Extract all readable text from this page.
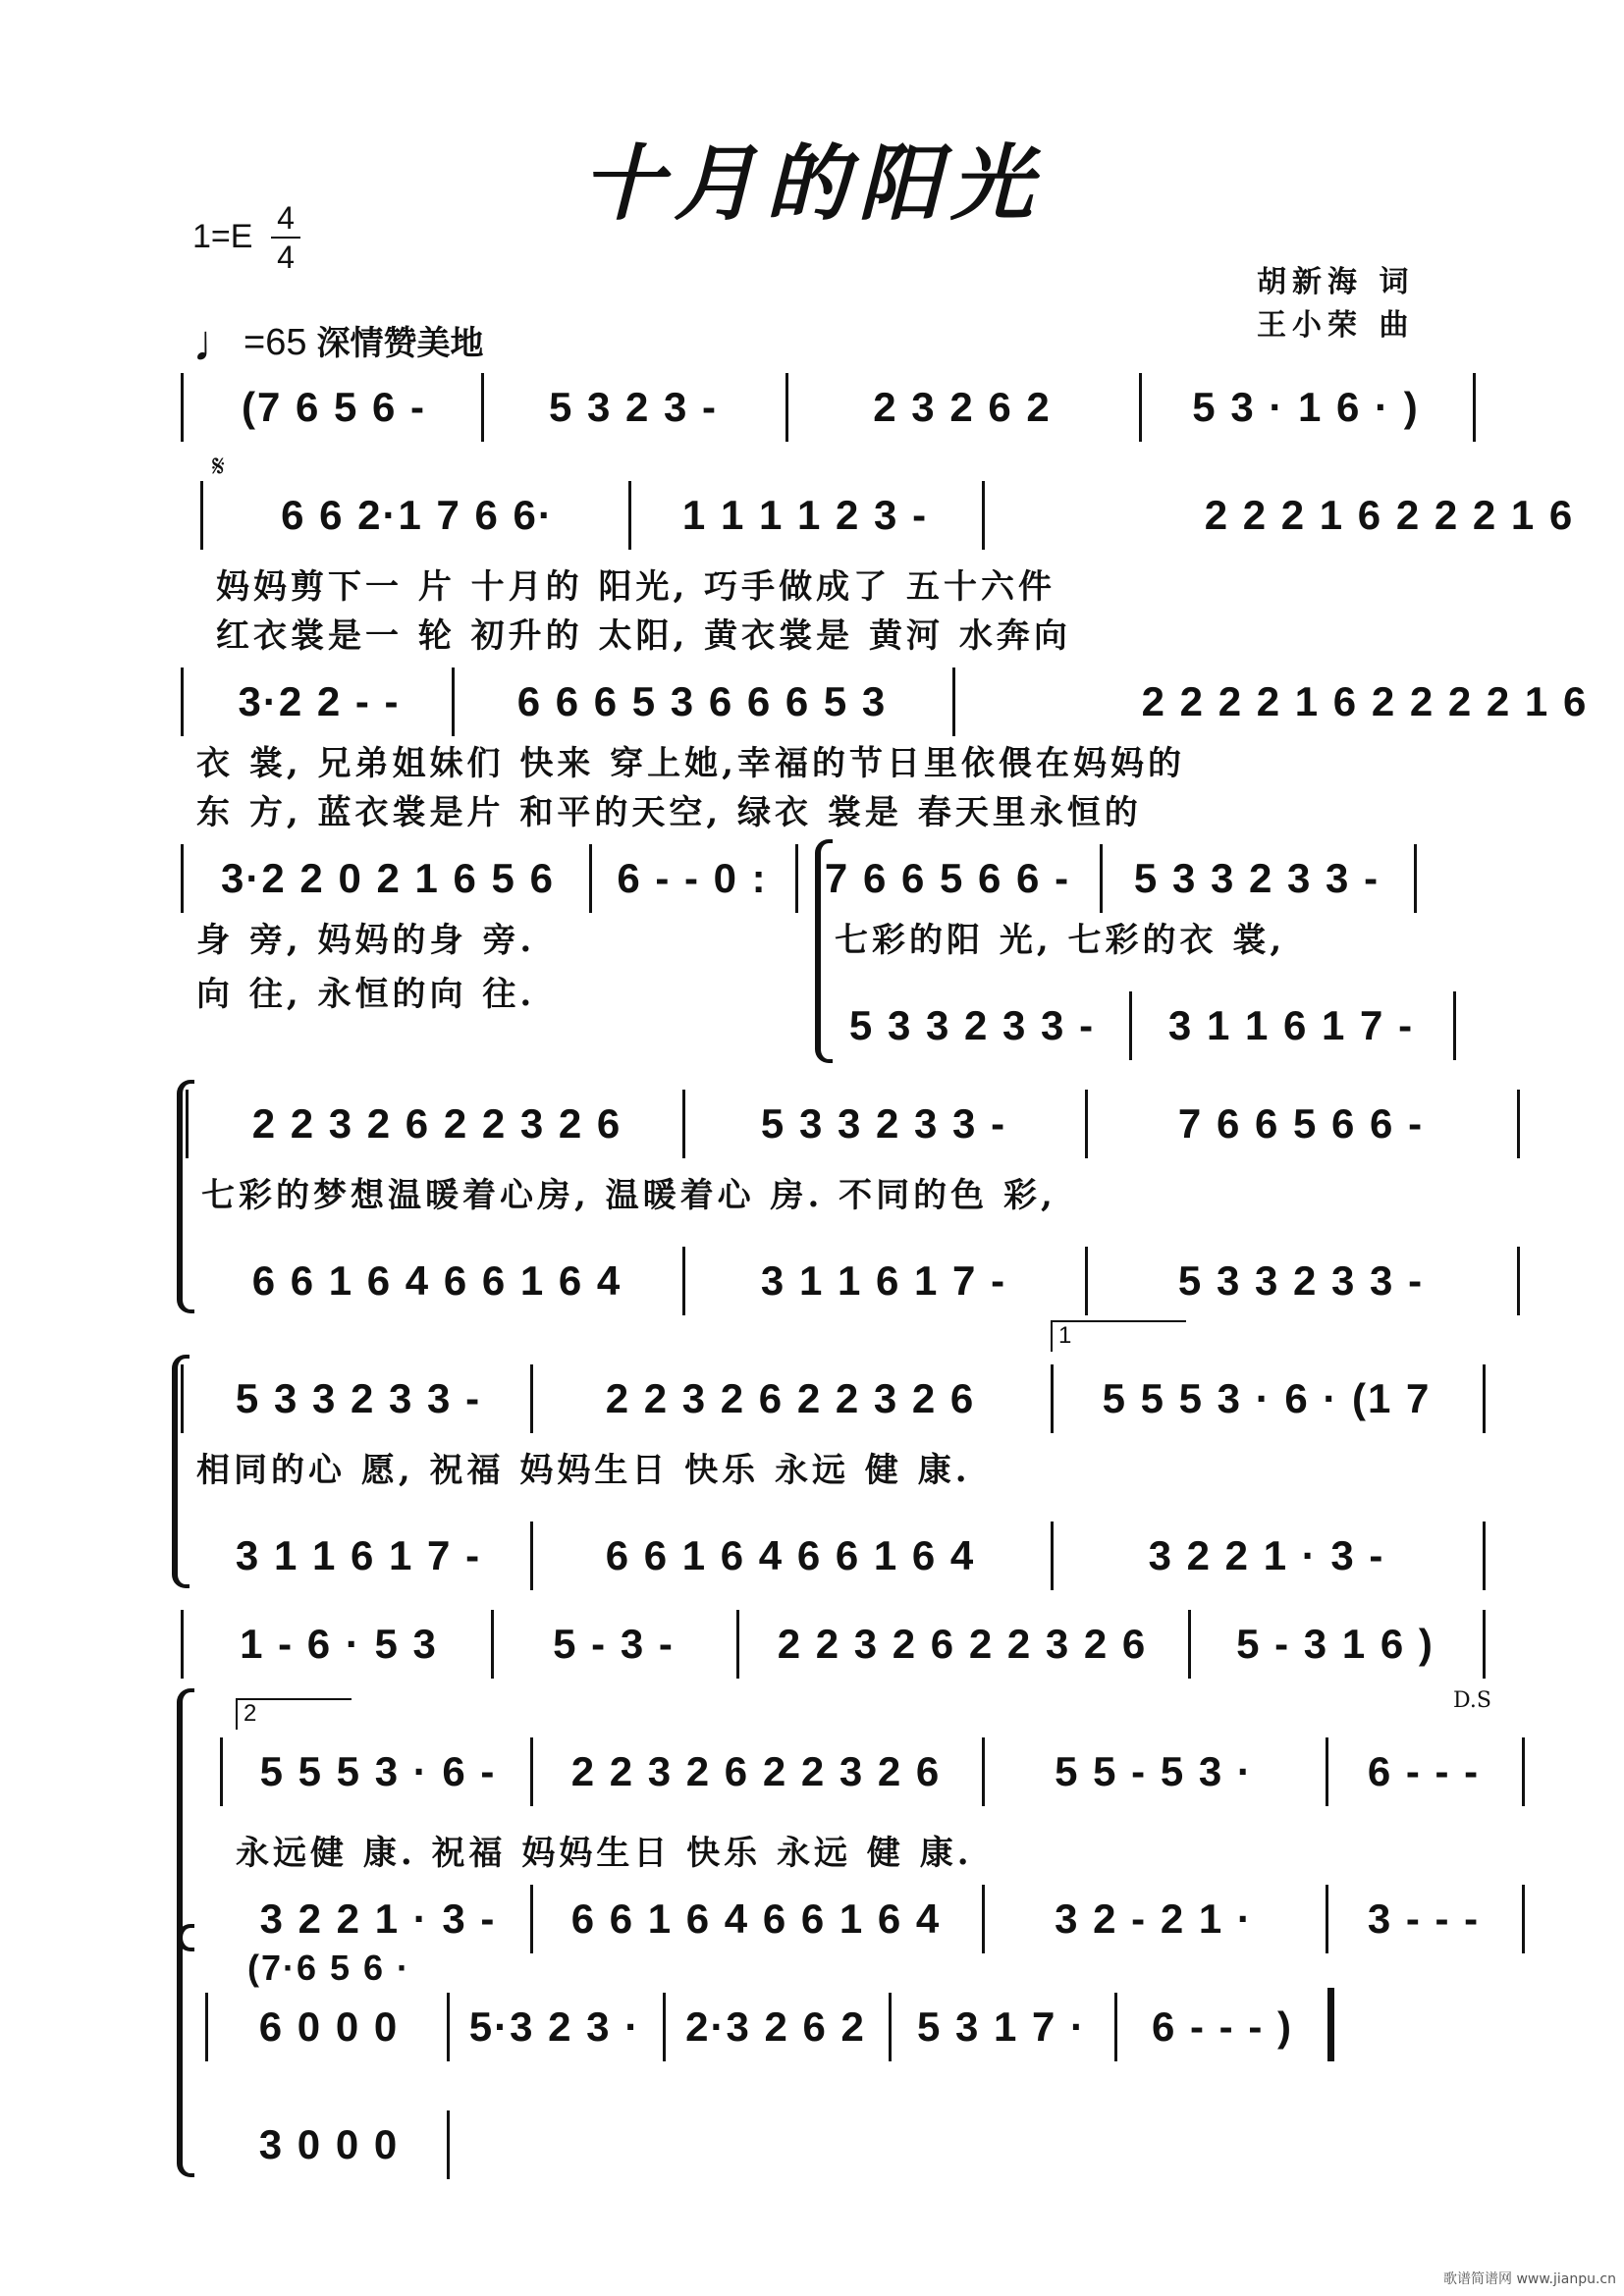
十月的阳光
1=E 4
4
♩=65 深情赞美地
胡新海 词
王小荣 曲
𝄋
D.S
歌谱简谱网 www.jianpu.cn
(7 6 5 6 -	5 3 2 3 -	2 3 2 6 2	5 3 · 1 6 · )
6 6 2·1 7 6 6·	1 1 1 1 2 3 -	2 2 2 1 6 2 2 2 1 6
妈妈剪下一 片 十月的 阳光, 巧手做成了 五十六件
红衣裳是一 轮 初升的 太阳, 黄衣裳是 黄河 水奔向
3·2 2 - -	6 6 6 5 3 6 6 6 5 3	2 2 2 2 1 6 2 2 2 2 1 6
衣 裳, 兄弟姐妹们 快来 穿上她,幸福的节日里依偎在妈妈的
东 方, 蓝衣裳是片 和平的天空, 绿衣 裳是 春天里永恒的
3·2 2 0 2 1 6 5 6	6 - - 0 :	7 6 6 5 6 6 -	5 3 3 2 3 3 -
身 旁, 妈妈的身 旁.	七彩的阳 光, 七彩的衣 裳,
向 往, 永恒的向 往.
5 3 3 2 3 3 -	3 1 1 6 1 7 -
2 2 3 2 6 2 2 3 2 6	5 3 3 2 3 3 -	7 6 6 5 6 6 -
七彩的梦想温暖着心房, 温暖着心 房. 不同的色 彩,
6 6 1 6 4 6 6 1 6 4	3 1 1 6 1 7 -	5 3 3 2 3 3 -
5 3 3 2 3 3 -	2 2 3 2 6 2 2 3 2 6	5 5 5 3 · 6 · (1 7
相同的心 愿, 祝福 妈妈生日 快乐 永远 健 康.
3 1 1 6 1 7 -	6 6 1 6 4 6 6 1 6 4	3 2 2 1 · 3 -
1
1 - 6 · 5 3	5 - 3 -	2 2 3 2 6 2 2 3 2 6	5 - 3 1 6 )
5 5 5 3 · 6 -	2 2 3 2 6 2 2 3 2 6	5 5 - 5 3 ·	6 - - -
永远健 康. 祝福 妈妈生日 快乐 永远 健 康.
3 2 2 1 · 3 -	6 6 1 6 4 6 6 1 6 4	3 2 - 2 1 ·	3 - - -
2
6 0 0 0	5·3 2 3 ·	2·3 2 6 2	5 3 1 7 ·	6 - - - )
(7·6 5 6 ·
3 0 0 0
